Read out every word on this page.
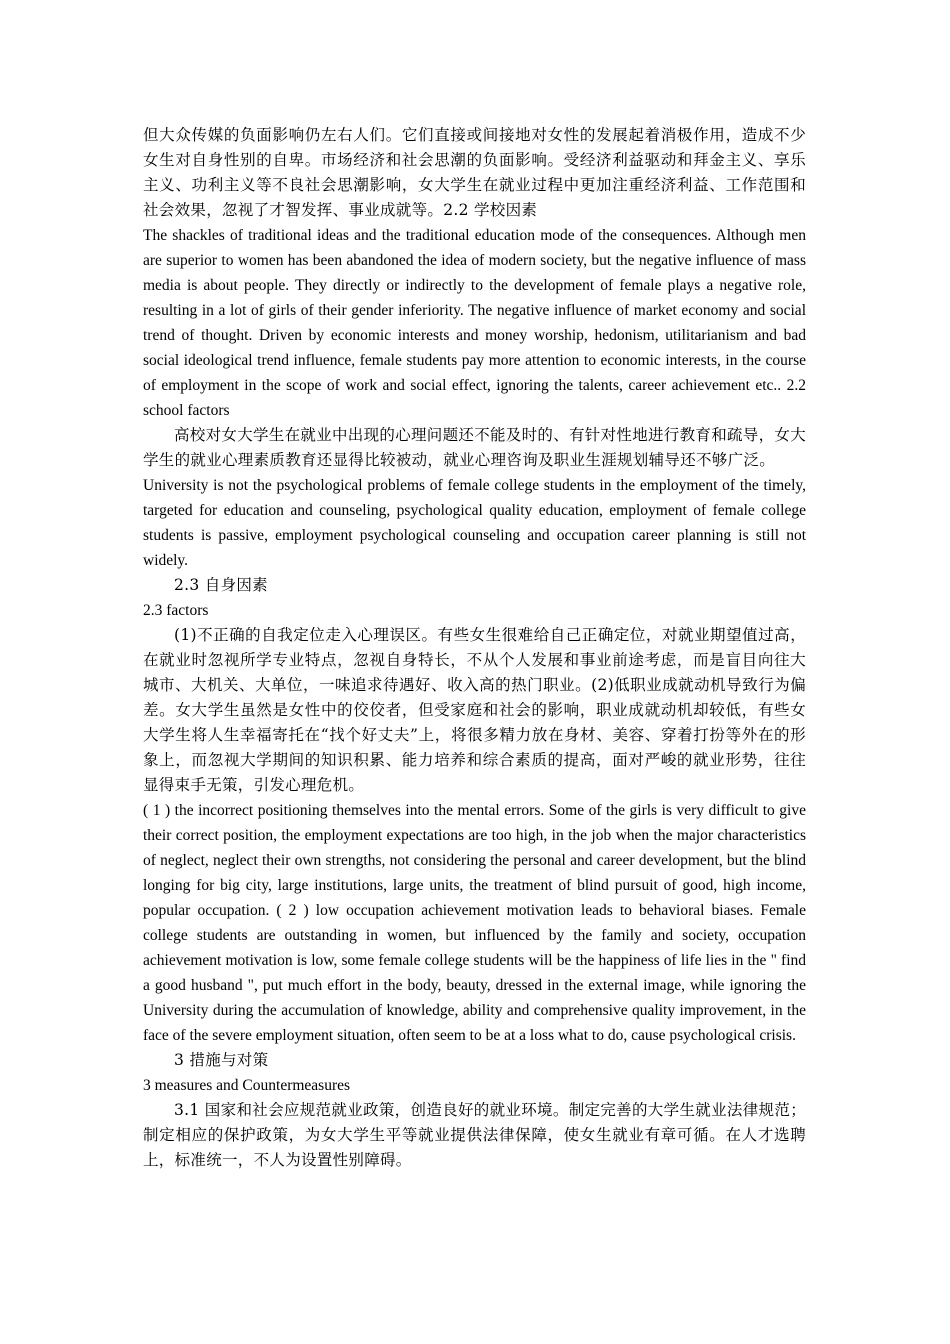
但大众传媒的负面影响仍左右人们。它们直接或间接地对女性的发展起着消极作用，造成不少女生对自身性别的自卑。市场经济和社会思潮的负面影响。受经济利益驱动和拜金主义、享乐主义、功利主义等不良社会思潮影响，女大学生在就业过程中更加注重经济利益、工作范围和社会效果，忽视了才智发挥、事业成就等。2.2 学校因素

The shackles of traditional ideas and the traditional education mode of the consequences. Although men are superior to women has been abandoned the idea of modern society, but the negative influence of mass media is about people. They directly or indirectly to the development of female plays a negative role, resulting in a lot of girls of their gender inferiority. The negative influence of market economy and social trend of thought. Driven by economic interests and money worship, hedonism, utilitarianism and bad social ideological trend influence, female students pay more attention to economic interests, in the course of employment in the scope of work and social effect, ignoring the talents, career achievement etc.. 2.2 school factors

高校对女大学生在就业中出现的心理问题还不能及时的、有针对性地进行教育和疏导，女大学生的就业心理素质教育还显得比较被动，就业心理咨询及职业生涯规划辅导还不够广泛。

University is not the psychological problems of female college students in the employment of the timely, targeted for education and counseling, psychological quality education, employment of female college students is passive, employment psychological counseling and occupation career planning is still not widely.

2.3 自身因素

2.3 factors

(1)不正确的自我定位走入心理误区。有些女生很难给自己正确定位，对就业期望值过高，在就业时忽视所学专业特点，忽视自身特长，不从个人发展和事业前途考虑，而是盲目向往大城市、大机关、大单位，一味追求待遇好、收入高的热门职业。(2)低职业成就动机导致行为偏差。女大学生虽然是女性中的佼佼者，但受家庭和社会的影响，职业成就动机却较低，有些女大学生将人生幸福寄托在“找个好丈夫”上，将很多精力放在身材、美容、穿着打扮等外在的形象上，而忽视大学期间的知识积累、能力培养和综合素质的提高，面对严峻的就业形势，往往显得束手无策，引发心理危机。

( 1 ) the incorrect positioning themselves into the mental errors. Some of the girls is very difficult to give their correct position, the employment expectations are too high, in the job when the major characteristics of neglect, neglect their own strengths, not considering the personal and career development, but the blind longing for big city, large institutions, large units, the treatment of blind pursuit of good, high income, popular occupation. ( 2 ) low occupation achievement motivation leads to behavioral biases. Female college students are outstanding in women, but influenced by the family and society, occupation achievement motivation is low, some female college students will be the happiness of life lies in the " find a good husband ", put much effort in the body, beauty, dressed in the external image, while ignoring the University during the accumulation of knowledge, ability and comprehensive quality improvement, in the face of the severe employment situation, often seem to be at a loss what to do, cause psychological crisis.

3 措施与对策

3 measures and Countermeasures

3.1 国家和社会应规范就业政策，创造良好的就业环境。制定完善的大学生就业法律规范；制定相应的保护政策，为女大学生平等就业提供法律保障，使女生就业有章可循。在人才选聘上，标准统一，不人为设置性别障碍。
